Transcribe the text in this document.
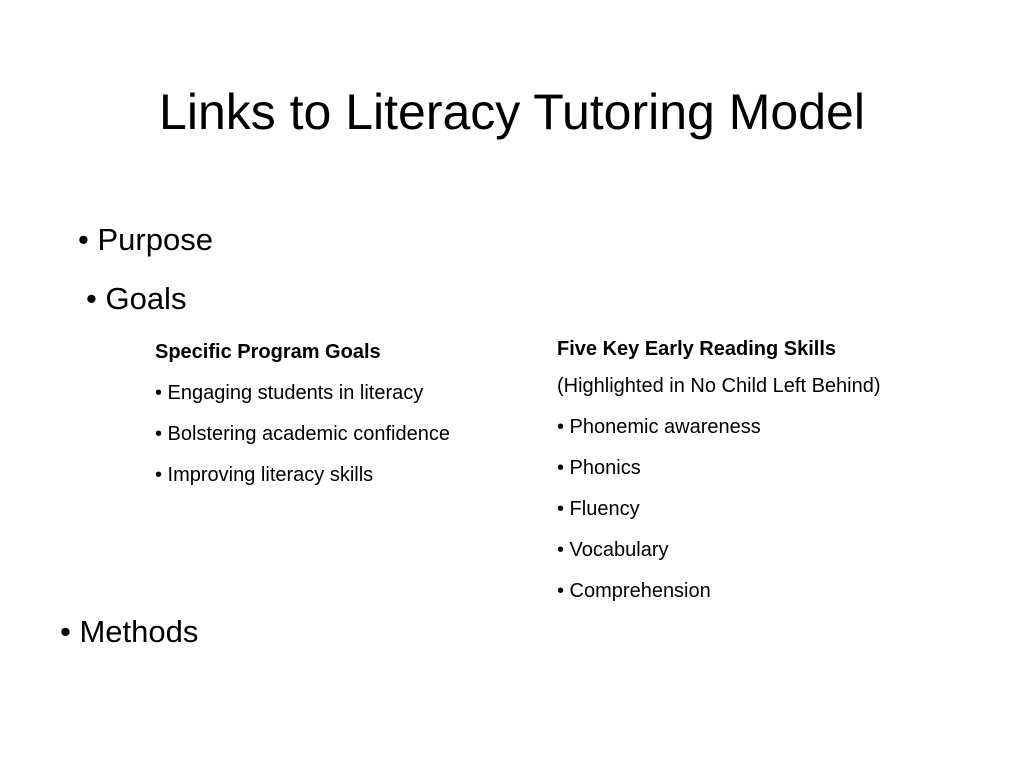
Links to Literacy Tutoring Model
• Purpose
• Goals
Specific Program Goals
• Engaging students in literacy
• Bolstering academic confidence
• Improving literacy skills
Five Key Early Reading Skills
(Highlighted in No Child Left Behind)
• Phonemic awareness
• Phonics
• Fluency
• Vocabulary
• Comprehension
• Methods
